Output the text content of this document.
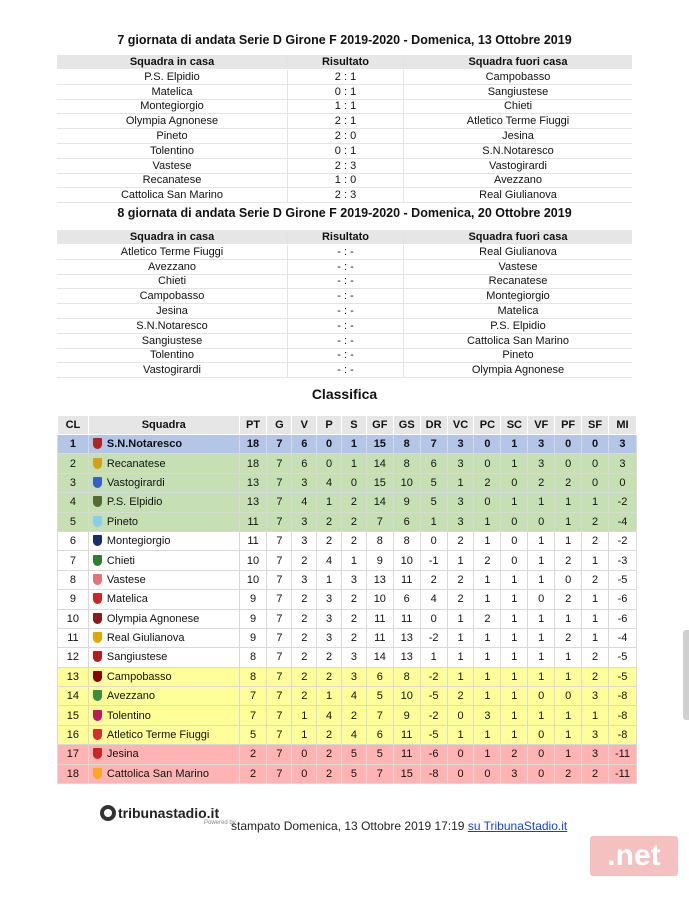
7 giornata di andata Serie D Girone F 2019-2020 - Domenica, 13 Ottobre 2019
Squadra in casa	Risultato	Squadra fuori casa
P.S. Elpidio	2 : 1	Campobasso
Matelica	0 : 1	Sangiustese
Montegiorgio	1 : 1	Chieti
Olympia Agnonese	2 : 1	Atletico Terme Fiuggi
Pineto	2 : 0	Jesina
Tolentino	0 : 1	S.N.Notaresco
Vastese	2 : 3	Vastogirardi
Recanatese	1 : 0	Avezzano
Cattolica San Marino	2 : 3	Real Giulianova
8 giornata di andata Serie D Girone F 2019-2020 - Domenica, 20 Ottobre 2019
Squadra in casa	Risultato	Squadra fuori casa
Atletico Terme Fiuggi	- : -	Real Giulianova
Avezzano	- : -	Vastese
Chieti	- : -	Recanatese
Campobasso	- : -	Montegiorgio
Jesina	- : -	Matelica
S.N.Notaresco	- : -	P.S. Elpidio
Sangiustese	- : -	Cattolica San Marino
Tolentino	- : -	Pineto
Vastogirardi	- : -	Olympia Agnonese
Classifica
CL	Squadra	PT	G	V	P	S	GF	GS	DR	VC	PC	SC	VF	PF	SF	MI
1	S.N.Notaresco	18	7	6	0	1	15	8	7	3	0	1	3	0	0	3
2	Recanatese	18	7	6	0	1	14	8	6	3	0	1	3	0	0	3
3	Vastogirardi	13	7	3	4	0	15	10	5	1	2	0	2	2	0	0
4	P.S. Elpidio	13	7	4	1	2	14	9	5	3	0	1	1	1	1	-2
5	Pineto	11	7	3	2	2	7	6	1	3	1	0	0	1	2	-4
6	Montegiorgio	11	7	3	2	2	8	8	0	2	1	0	1	1	2	-2
7	Chieti	10	7	2	4	1	9	10	-1	1	2	0	1	2	1	-3
8	Vastese	10	7	3	1	3	13	11	2	2	1	1	1	0	2	-5
9	Matelica	9	7	2	3	2	10	6	4	2	1	1	0	2	1	-6
10	Olympia Agnonese	9	7	2	3	2	11	11	0	1	2	1	1	1	1	-6
11	Real Giulianova	9	7	2	3	2	11	13	-2	1	1	1	1	2	1	-4
12	Sangiustese	8	7	2	2	3	14	13	1	1	1	1	1	1	2	-5
13	Campobasso	8	7	2	2	3	6	8	-2	1	1	1	1	1	2	-5
14	Avezzano	7	7	2	1	4	5	10	-5	2	1	1	0	0	3	-8
15	Tolentino	7	7	1	4	2	7	9	-2	0	3	1	1	1	1	-8
16	Atletico Terme Fiuggi	5	7	1	2	4	6	11	-5	1	1	1	0	1	3	-8
17	Jesina	2	7	0	2	5	5	11	-6	0	1	2	0	1	3	-11
18	Cattolica San Marino	2	7	0	2	5	7	15	-8	0	0	3	0	2	2	-11
tribunastadio.it
Powered by
stampato Domenica, 13 Ottobre 2019 17:19 su TribunaStadio.it
.net
